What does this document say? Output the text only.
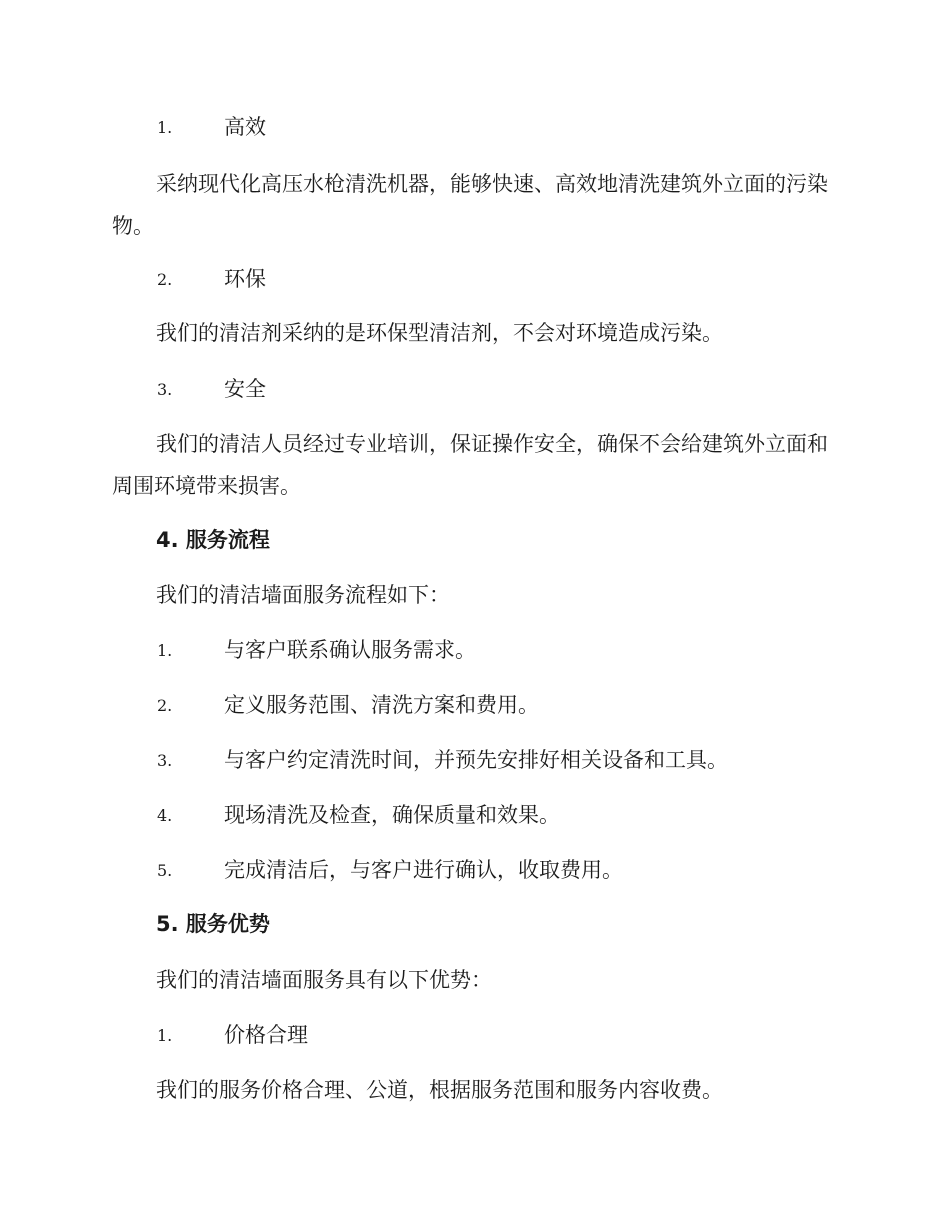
1. 高效
采纳现代化高压水枪清洗机器，能够快速、高效地清洗建筑外立面的污染物。
2. 环保
我们的清洁剂采纳的是环保型清洁剂，不会对环境造成污染。
3. 安全
我们的清洁人员经过专业培训，保证操作安全，确保不会给建筑外立面和周围环境带来损害。
4. 服务流程
我们的清洁墙面服务流程如下：
1. 与客户联系确认服务需求。
2. 定义服务范围、清洗方案和费用。
3. 与客户约定清洗时间，并预先安排好相关设备和工具。
4. 现场清洗及检查，确保质量和效果。
5. 完成清洁后，与客户进行确认，收取费用。
5. 服务优势
我们的清洁墙面服务具有以下优势：
1. 价格合理
我们的服务价格合理、公道，根据服务范围和服务内容收费。
